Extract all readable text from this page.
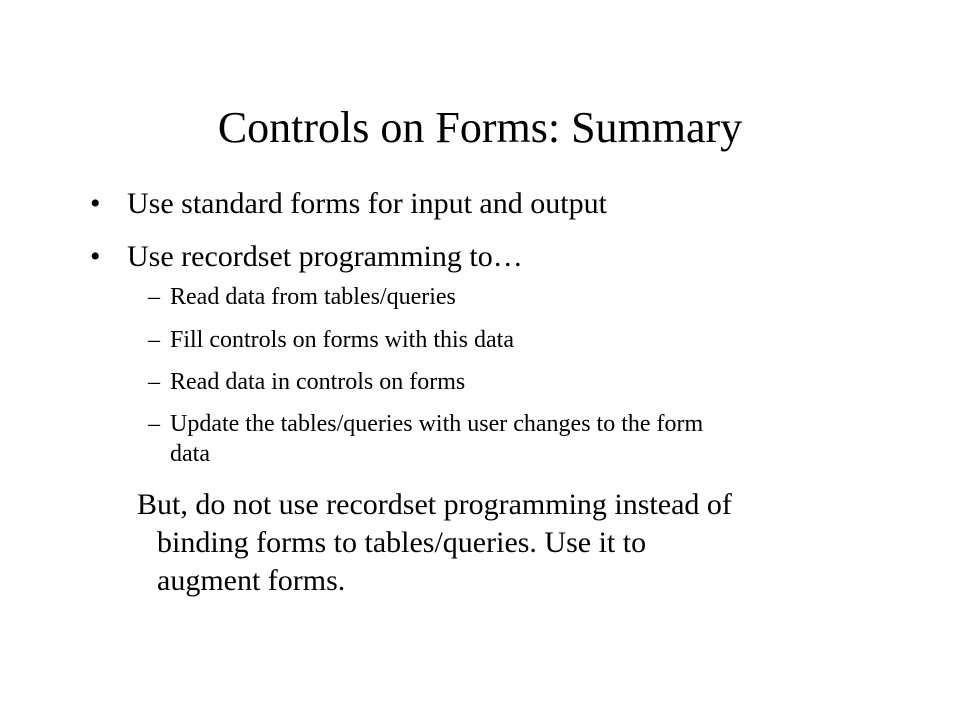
Controls on Forms: Summary
• Use standard forms for input and output
• Use recordset programming to…
– Read data from tables/queries
– Fill controls on forms with this data
– Read data in controls on forms
– Update the tables/queries with user changes to the form
data
But, do not use recordset programming instead of
binding forms to tables/queries. Use it to
augment forms.
